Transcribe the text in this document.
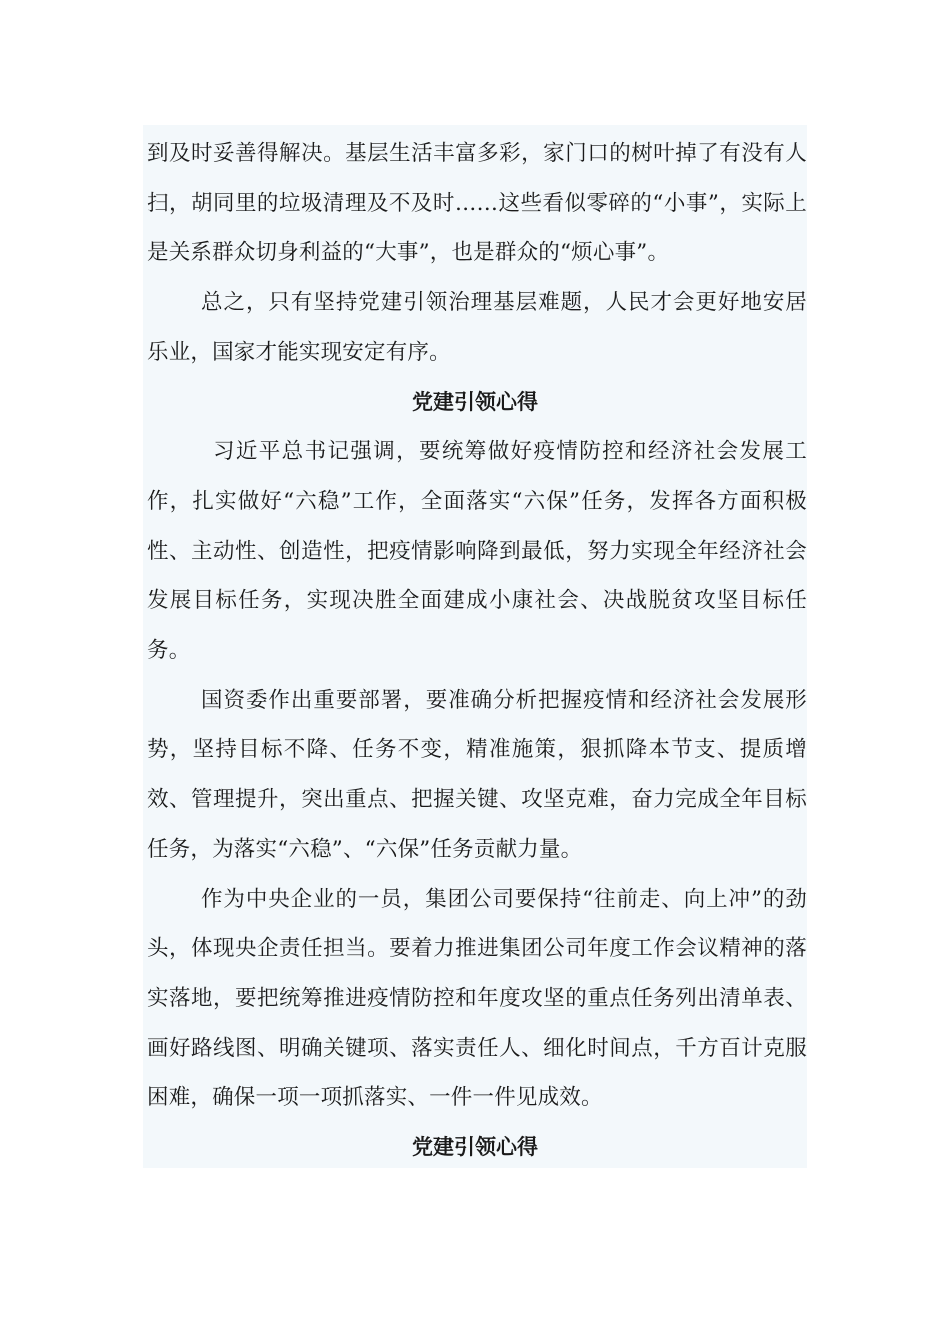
到及时妥善得解决。基层生活丰富多彩，家门口的树叶掉了有没有人扫，胡同里的垃圾清理及不及时……这些看似零碎的“小事”，实际上是关系群众切身利益的“大事”，也是群众的“烦心事”。

总之，只有坚持党建引领治理基层难题，人民才会更好地安居乐业，国家才能实现安定有序。

党建引领心得

习近平总书记强调，要统筹做好疫情防控和经济社会发展工作，扎实做好“六稳”工作，全面落实“六保”任务，发挥各方面积极性、主动性、创造性，把疫情影响降到最低，努力实现全年经济社会发展目标任务，实现决胜全面建成小康社会、决战脱贫攻坚目标任务。

国资委作出重要部署，要准确分析把握疫情和经济社会发展形势，坚持目标不降、任务不变，精准施策，狠抓降本节支、提质增效、管理提升，突出重点、把握关键、攻坚克难，奋力完成全年目标任务，为落实“六稳”、“六保”任务贡献力量。

作为中央企业的一员，集团公司要保持“往前走、向上冲”的劲头，体现央企责任担当。要着力推进集团公司年度工作会议精神的落实落地，要把统筹推进疫情防控和年度攻坚的重点任务列出清单表、画好路线图、明确关键项、落实责任人、细化时间点，千方百计克服困难，确保一项一项抓落实、一件一件见成效。

党建引领心得
